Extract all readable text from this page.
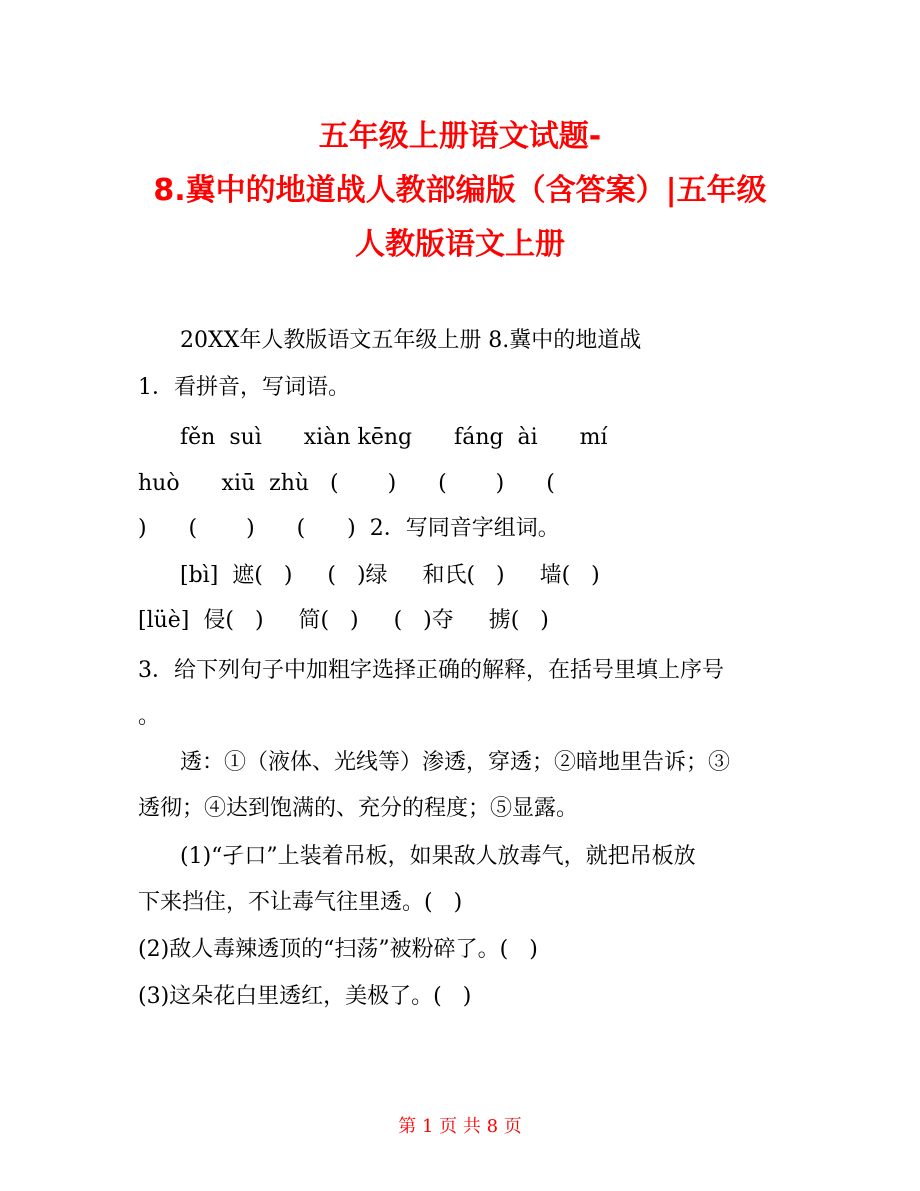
五年级上册语文试题-
8.冀中的地道战人教部编版（含答案）|五年级
人教版语文上册
20XX年人教版语文五年级上册 8.冀中的地道战
1．看拼音，写词语。
fěn  suì      xiàn kēng      fáng  ài      mí
huò      xiū  zhù   (       )      (       )      (
)      (       )      (      )  2．写同音字组词。
[bì]  遮(   )     (   )绿     和氏(   )     墙(   )
[lüè]  侵(   )     简(   )     (   )夺     掳(   )
3．给下列句子中加粗字选择正确的解释，在括号里填上序号
。
透：①（液体、光线等）渗透，穿透；②暗地里告诉；③
透彻；④达到饱满的、充分的程度；⑤显露。
(1)“孑口”上装着吊板，如果敌人放毒气，就把吊板放
下来挡住，不让毒气往里透。(   )
(2)敌人毒辣透顶的“扫荡”被粉碎了。(   )
(3)这朵花白里透红，美极了。(   )
第 1 页 共 8 页
